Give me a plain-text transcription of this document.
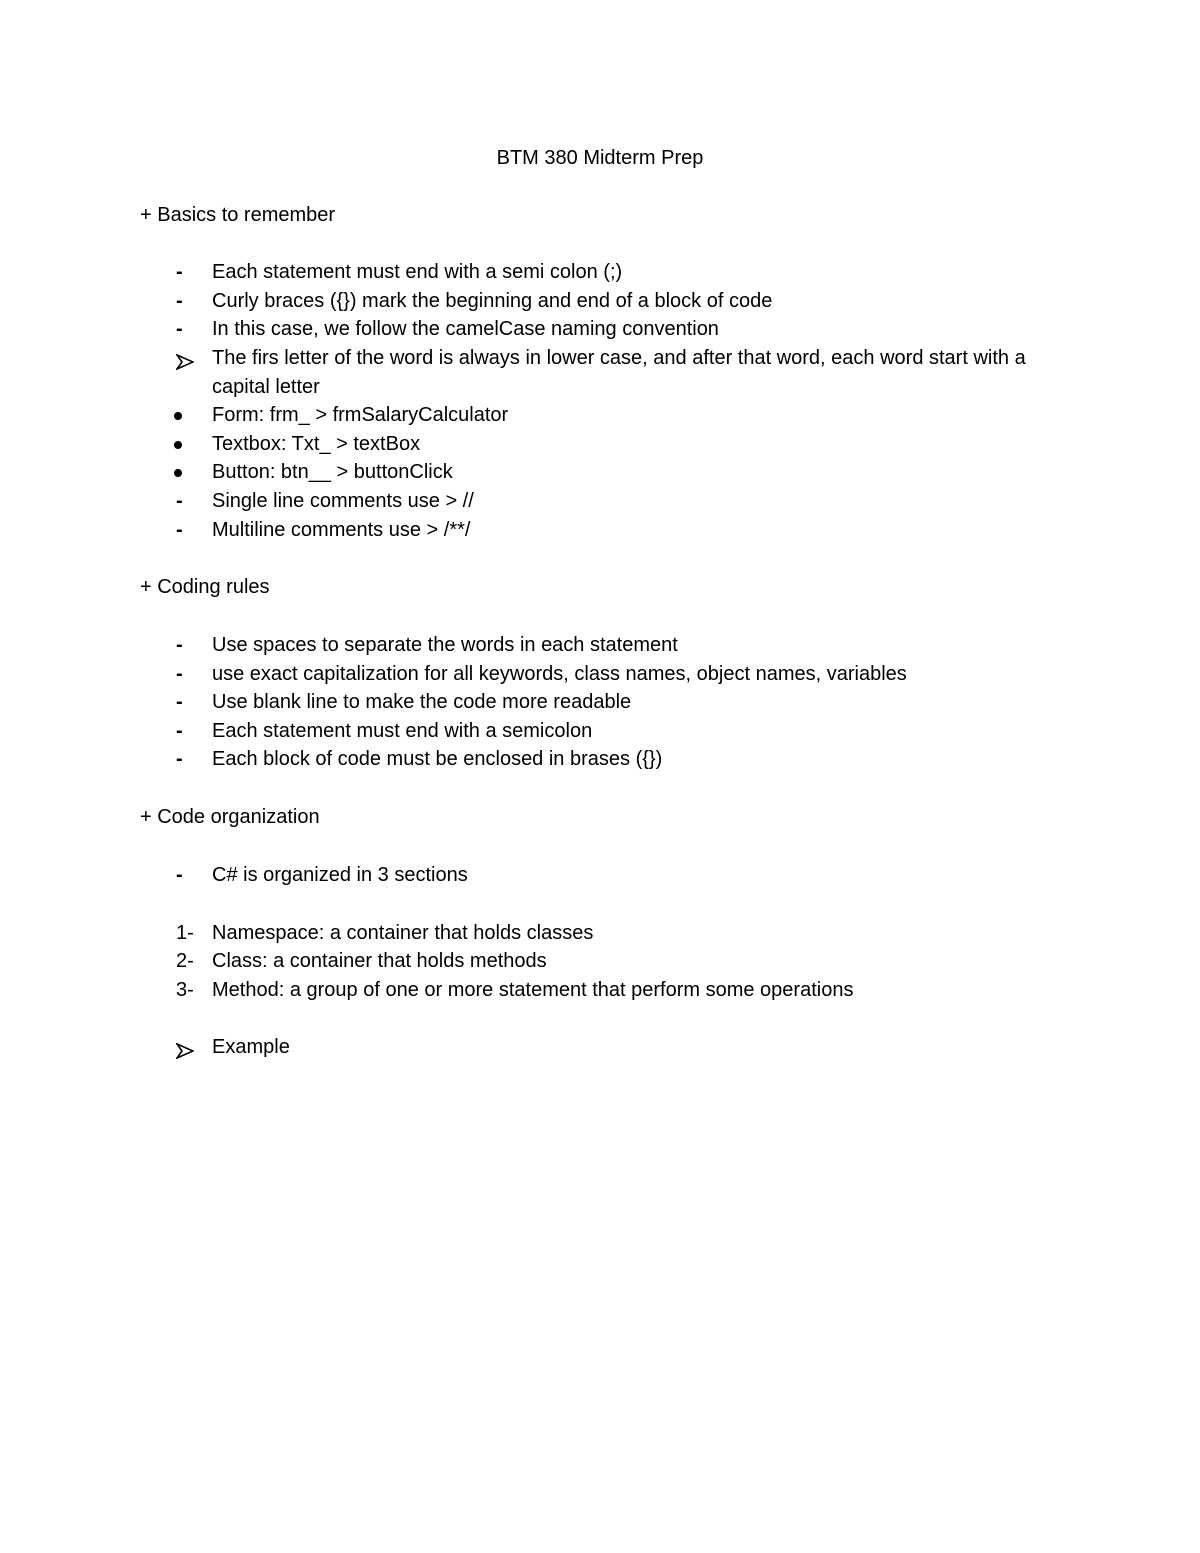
BTM 380 Midterm Prep
+ Basics to remember
-	Each statement must end with a semi colon (;)
-	Curly braces ({}) mark the beginning and end of a block of code
-	In this case, we follow the camelCase naming convention
The firs letter of the word is always in lower case, and after that word, each word start with a capital letter
Form: frm_ > frmSalaryCalculator
Textbox: Txt_ > textBox
Button: btn__ > buttonClick
-	Single line comments use > //
-	Multiline comments use > /**/
+ Coding rules
-	Use spaces to separate the words in each statement
-	use exact capitalization for all keywords, class names, object names, variables
-	Use blank line to make the code more readable
-	Each statement must end with a semicolon
-	Each block of code must be enclosed in brases ({})
+ Code organization
-	C# is organized in 3 sections
1- Namespace: a container that holds classes
2- Class: a container that holds methods
3- Method: a group of one or more statement that perform some operations
Example
